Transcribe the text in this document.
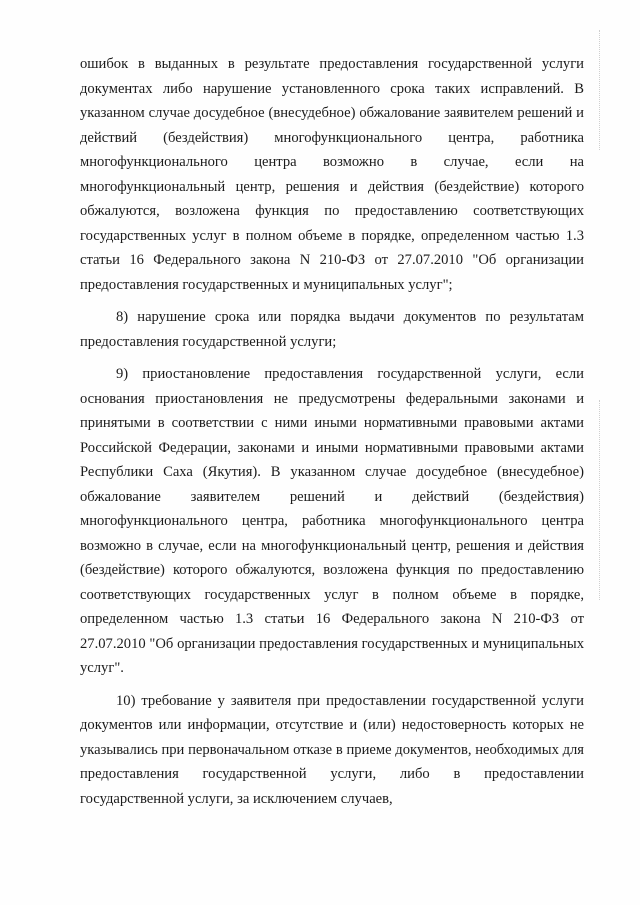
ошибок в выданных в результате предоставления государственной услуги документах либо нарушение установленного срока таких исправлений. В указанном случае досудебное (внесудебное) обжалование заявителем решений и действий (бездействия) многофункционального центра, работника многофункционального центра возможно в случае, если на многофункциональный центр, решения и действия (бездействие) которого обжалуются, возложена функция по предоставлению соответствующих государственных услуг в полном объеме в порядке, определенном частью 1.3 статьи 16 Федерального закона N 210-ФЗ от 27.07.2010 "Об организации предоставления государственных и муниципальных услуг";

8) нарушение срока или порядка выдачи документов по результатам предоставления государственной услуги;

9) приостановление предоставления государственной услуги, если основания приостановления не предусмотрены федеральными законами и принятыми в соответствии с ними иными нормативными правовыми актами Российской Федерации, законами и иными нормативными правовыми актами Республики Саха (Якутия). В указанном случае досудебное (внесудебное) обжалование заявителем решений и действий (бездействия) многофункционального центра, работника многофункционального центра возможно в случае, если на многофункциональный центр, решения и действия (бездействие) которого обжалуются, возложена функция по предоставлению соответствующих государственных услуг в полном объеме в порядке, определенном частью 1.3 статьи 16 Федерального закона N 210-ФЗ от 27.07.2010 "Об организации предоставления государственных и муниципальных услуг".

10) требование у заявителя при предоставлении государственной услуги документов или информации, отсутствие и (или) недостоверность которых не указывались при первоначальном отказе в приеме документов, необходимых для предоставления государственной услуги, либо в предоставлении государственной услуги, за исключением случаев,
